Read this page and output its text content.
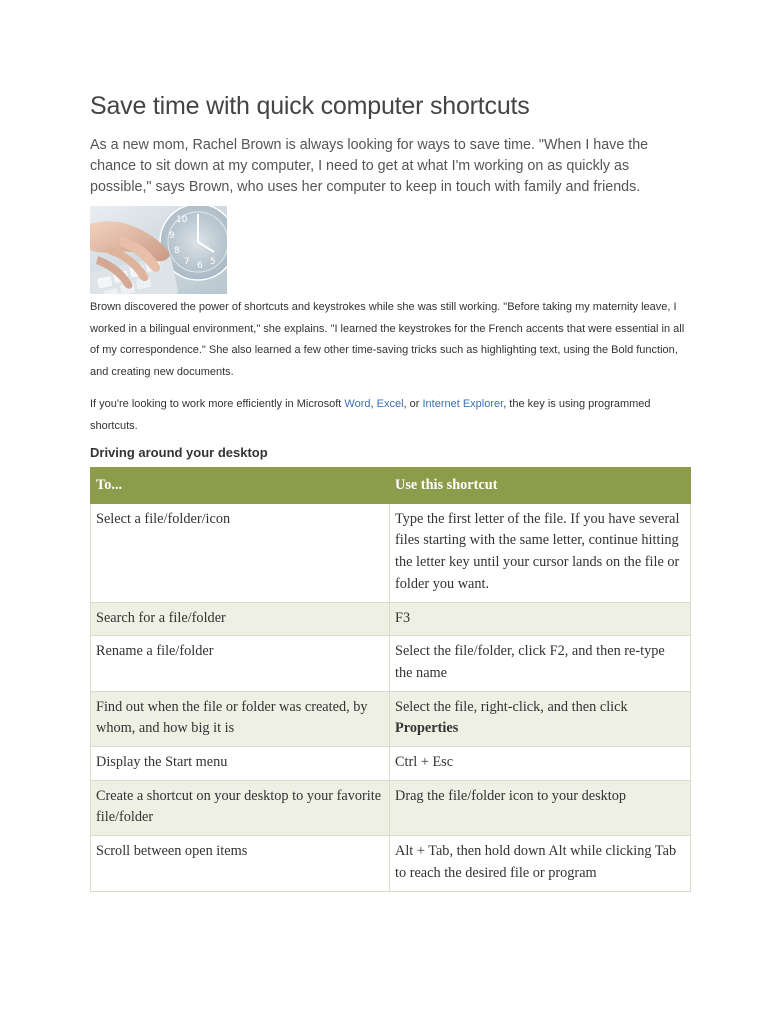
Save time with quick computer shortcuts

As a new mom, Rachel Brown is always looking for ways to save time. "When I have the chance to sit down at my computer, I need to get at what I'm working on as quickly as possible," says Brown, who uses her computer to keep in touch with family and friends.

10
9
8
7 6 5

Brown discovered the power of shortcuts and keystrokes while she was still working. "Before taking my maternity leave, I worked in a bilingual environment," she explains. "I learned the keystrokes for the French accents that were essential in all of my correspondence." She also learned a few other time-saving tricks such as highlighting text, using the Bold function, and creating new documents.

If you're looking to work more efficiently in Microsoft Word, Excel, or Internet Explorer, the key is using programmed shortcuts.

Driving around your desktop
To...	Use this shortcut
Select a file/folder/icon	Type the first letter of the file. If you have several files starting with the same letter, continue hitting the letter key until your cursor lands on the file or folder you want.
Search for a file/folder	F3
Rename a file/folder	Select the file/folder, click F2, and then re-type the name
Find out when the file or folder was created, by whom, and how big it is	Select the file, right-click, and then click Properties
Display the Start menu	Ctrl + Esc
Create a shortcut on your desktop to your favorite file/folder	Drag the file/folder icon to your desktop
Scroll between open items	Alt + Tab, then hold down Alt while clicking Tab to reach the desired file or program
